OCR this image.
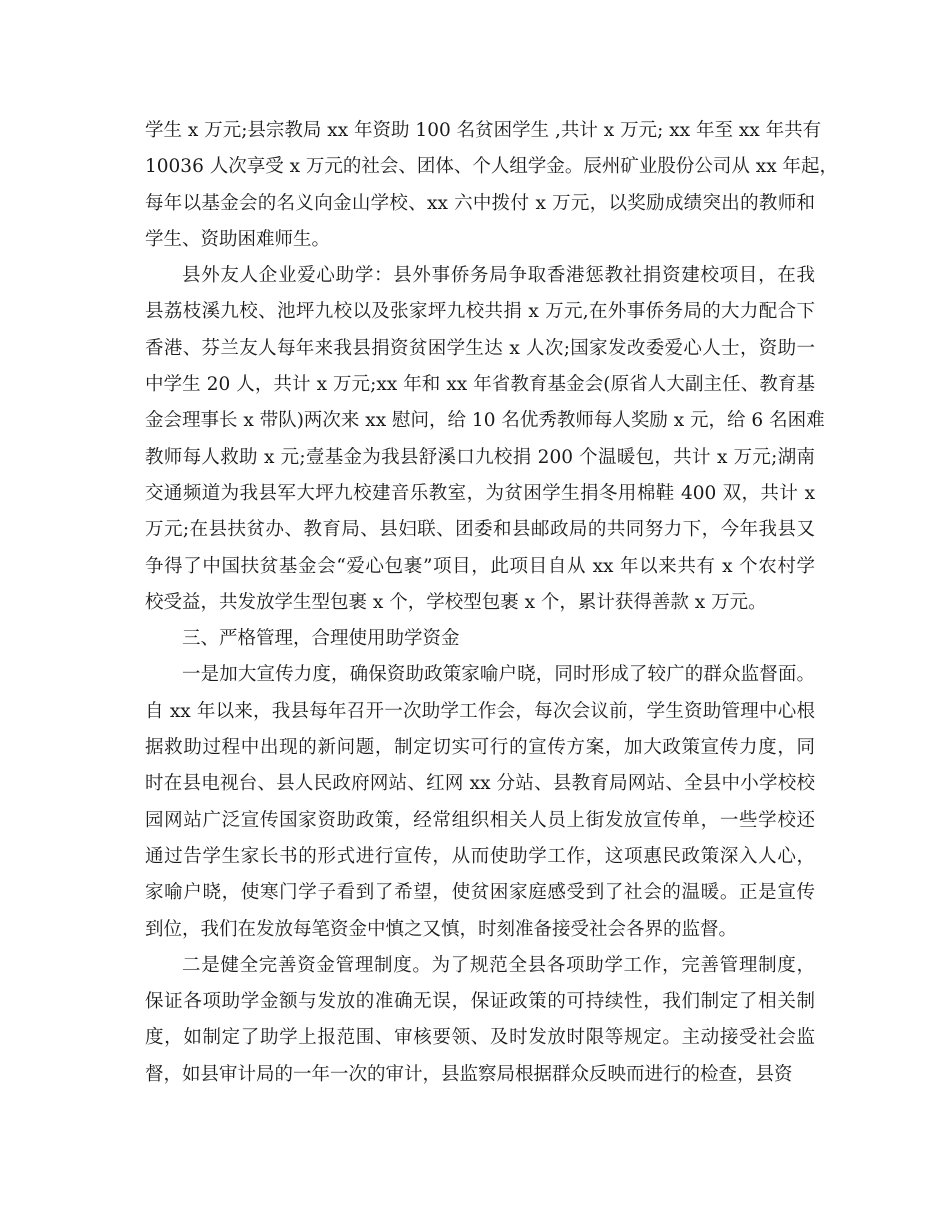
学生 x 万元;县宗教局 xx 年资助 100 名贫困学生 ,共计 x 万元; xx 年至 xx 年共有
10036 人次享受 x 万元的社会、团体、个人组学金。辰州矿业股份公司从 xx 年起，
每年以基金会的名义向金山学校、xx 六中拨付 x 万元，以奖励成绩突出的教师和
学生、资助困难师生。
县外友人企业爱心助学：县外事侨务局争取香港惩教社捐资建校项目，在我
县荔枝溪九校、池坪九校以及张家坪九校共捐 x 万元,在外事侨务局的大力配合下
香港、芬兰友人每年来我县捐资贫困学生达 x 人次;国家发改委爱心人士，资助一
中学生 20 人，共计 x 万元;xx 年和 xx 年省教育基金会(原省人大副主任、教育基
金会理事长 x 带队)两次来 xx 慰问，给 10 名优秀教师每人奖励 x 元，给 6 名困难
教师每人救助 x 元;壹基金为我县舒溪口九校捐 200 个温暖包，共计 x 万元;湖南
交通频道为我县军大坪九校建音乐教室，为贫困学生捐冬用棉鞋 400 双，共计 x
万元;在县扶贫办、教育局、县妇联、团委和县邮政局的共同努力下，今年我县又
争得了中国扶贫基金会“爱心包裹”项目，此项目自从 xx 年以来共有 x 个农村学
校受益，共发放学生型包裹 x 个，学校型包裹 x 个，累计获得善款 x 万元。
三、严格管理，合理使用助学资金
一是加大宣传力度，确保资助政策家喻户晓，同时形成了较广的群众监督面。
自 xx 年以来，我县每年召开一次助学工作会，每次会议前，学生资助管理中心根
据救助过程中出现的新问题，制定切实可行的宣传方案，加大政策宣传力度，同
时在县电视台、县人民政府网站、红网 xx 分站、县教育局网站、全县中小学校校
园网站广泛宣传国家资助政策，经常组织相关人员上街发放宣传单，一些学校还
通过告学生家长书的形式进行宣传，从而使助学工作，这项惠民政策深入人心，
家喻户晓，使寒门学子看到了希望，使贫困家庭感受到了社会的温暖。正是宣传
到位，我们在发放每笔资金中慎之又慎，时刻准备接受社会各界的监督。
二是健全完善资金管理制度。为了规范全县各项助学工作，完善管理制度，
保证各项助学金额与发放的准确无误，保证政策的可持续性，我们制定了相关制
度，如制定了助学上报范围、审核要领、及时发放时限等规定。主动接受社会监
督，如县审计局的一年一次的审计，县监察局根据群众反映而进行的检查，县资
